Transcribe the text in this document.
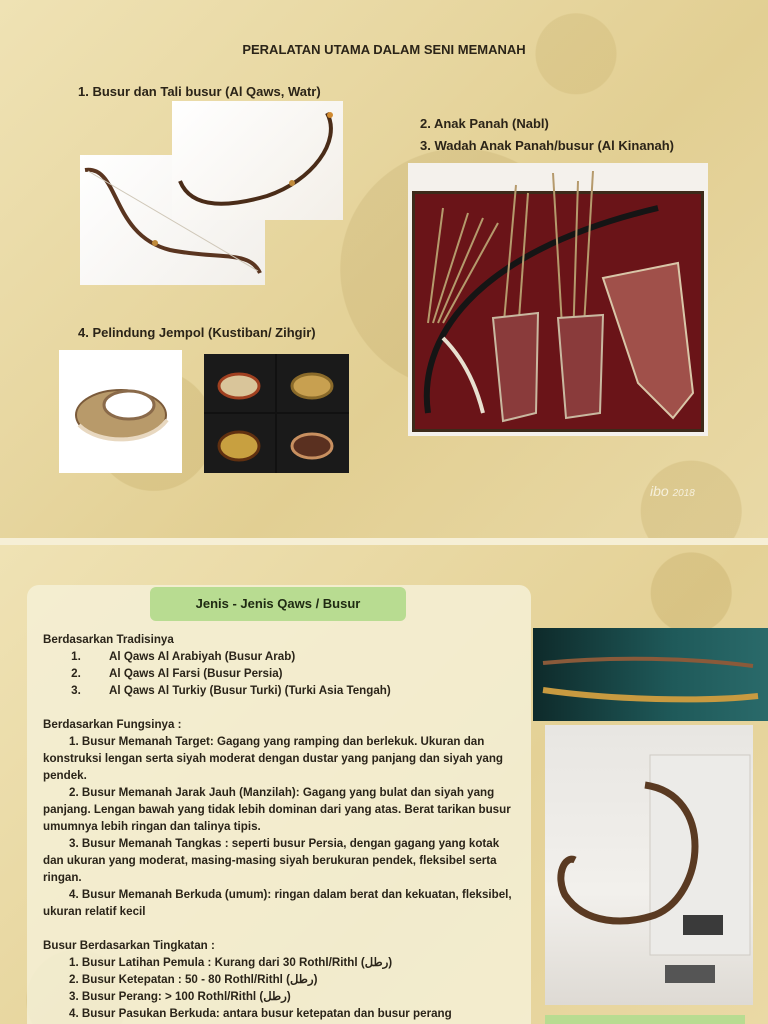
PERALATAN UTAMA DALAM SENI MEMANAH
1. Busur dan Tali busur (Al Qaws, Watr)
2. Anak Panah (Nabl)
3. Wadah Anak Panah/busur (Al Kinanah)
4. Pelindung Jempol (Kustiban/ Zihgir)
ibo 2018
Jenis - Jenis Qaws / Busur

Berdasarkan Tradisinya

1.	Al Qaws Al Arabiyah (Busur Arab)
2.	Al Qaws Al Farsi (Busur Persia)
3.	Al Qaws Al Turkiy (Busur Turki) (Turki Asia Tengah)

Berdasarkan Fungsinya :

1. Busur Memanah Target: Gagang yang ramping dan berlekuk. Ukuran dan konstruksi lengan serta siyah moderat dengan dustar yang panjang dan siyah yang pendek.

2. Busur Memanah Jarak Jauh (Manzilah): Gagang yang bulat dan siyah yang panjang. Lengan bawah yang tidak lebih dominan dari yang atas. Berat tarikan busur umumnya lebih ringan dan talinya tipis.

3. Busur Memanah Tangkas : seperti busur Persia, dengan gagang yang kotak dan ukuran yang moderat, masing-masing siyah berukuran pendek, fleksibel serta ringan.

4. Busur Memanah Berkuda (umum): ringan dalam berat dan kekuatan, fleksibel, ukuran relatif kecil

Busur Berdasarkan Tingkatan :

1. Busur Latihan Pemula : Kurang dari 30 Rothl/Rithl (رطل)

2. Busur Ketepatan : 50 - 80 Rothl/Rithl (رطل)

3. Busur Perang: > 100 Rothl/Rithl (رطل)

4. Busur Pasukan Berkuda: antara busur ketepatan dan busur perang
